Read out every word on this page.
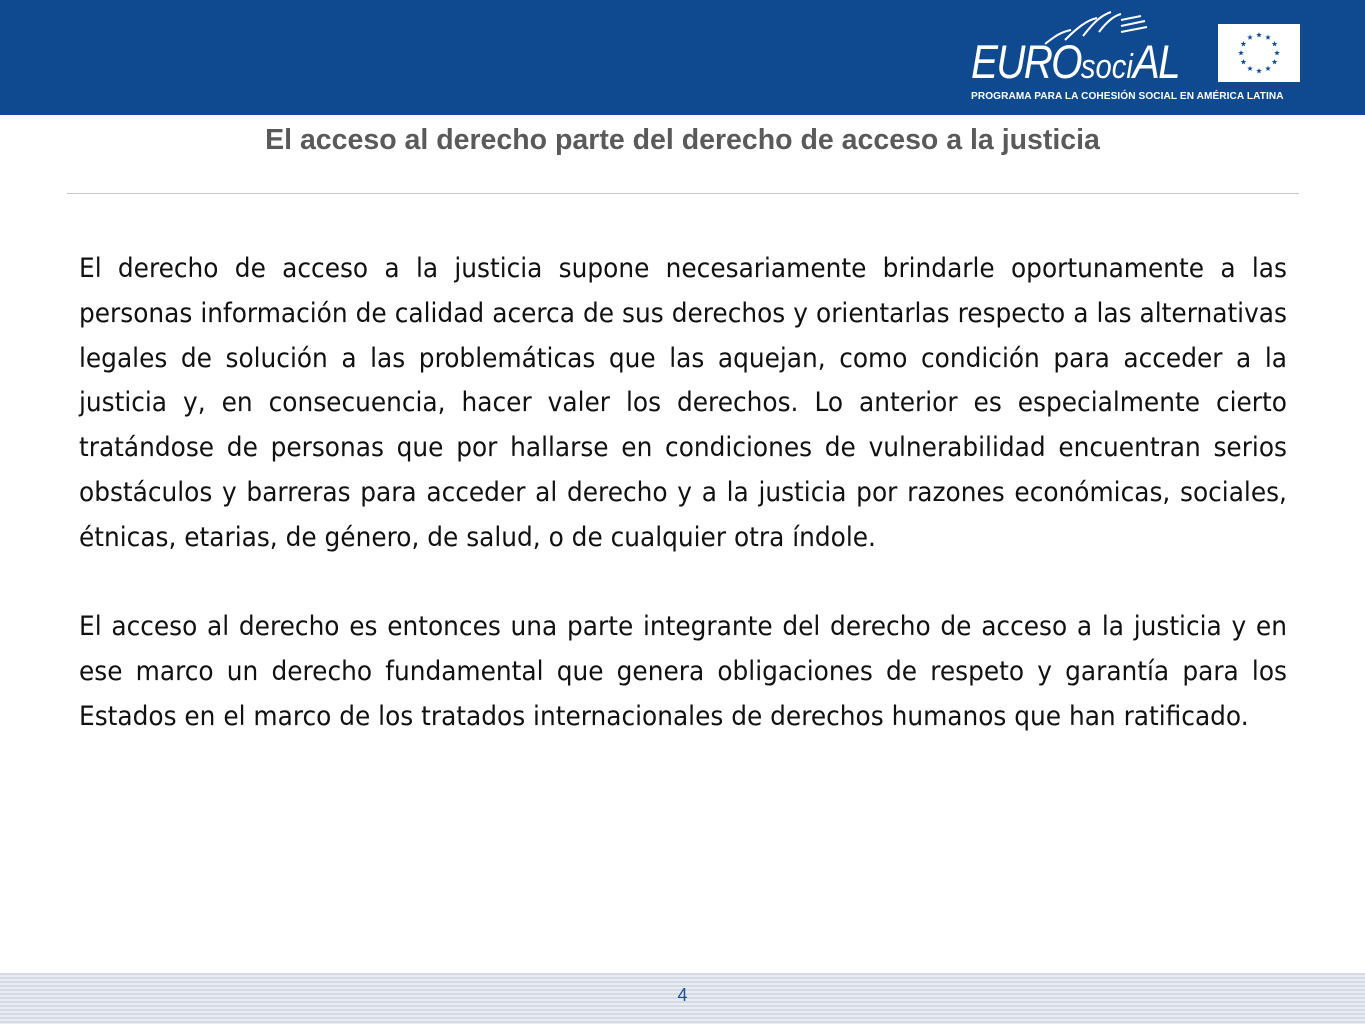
EUROsociAL
PROGRAMA PARA LA COHESIÓN SOCIAL EN AMÉRICA LATINA
El acceso al derecho parte del derecho de acceso a la justicia

El derecho de acceso a la justicia supone necesariamente brindarle oportunamente a las personas información de calidad acerca de sus derechos y orientarlas respecto a las alternativas legales de solución a las problemáticas que las aquejan, como condición para acceder a la justicia y, en consecuencia, hacer valer los derechos. Lo anterior es especialmente cierto tratándose de personas que por hallarse en condiciones de vulnerabilidad encuentran serios obstáculos y barreras para acceder al derecho y a la justicia por razones económicas, sociales, étnicas, etarias, de género, de salud, o de cualquier otra índole.

El acceso al derecho es entonces una parte integrante del derecho de acceso a la justicia y en ese marco un derecho fundamental que genera obligaciones de respeto y garantía para los Estados en el marco de los tratados internacionales de derechos humanos que han ratificado.

4
